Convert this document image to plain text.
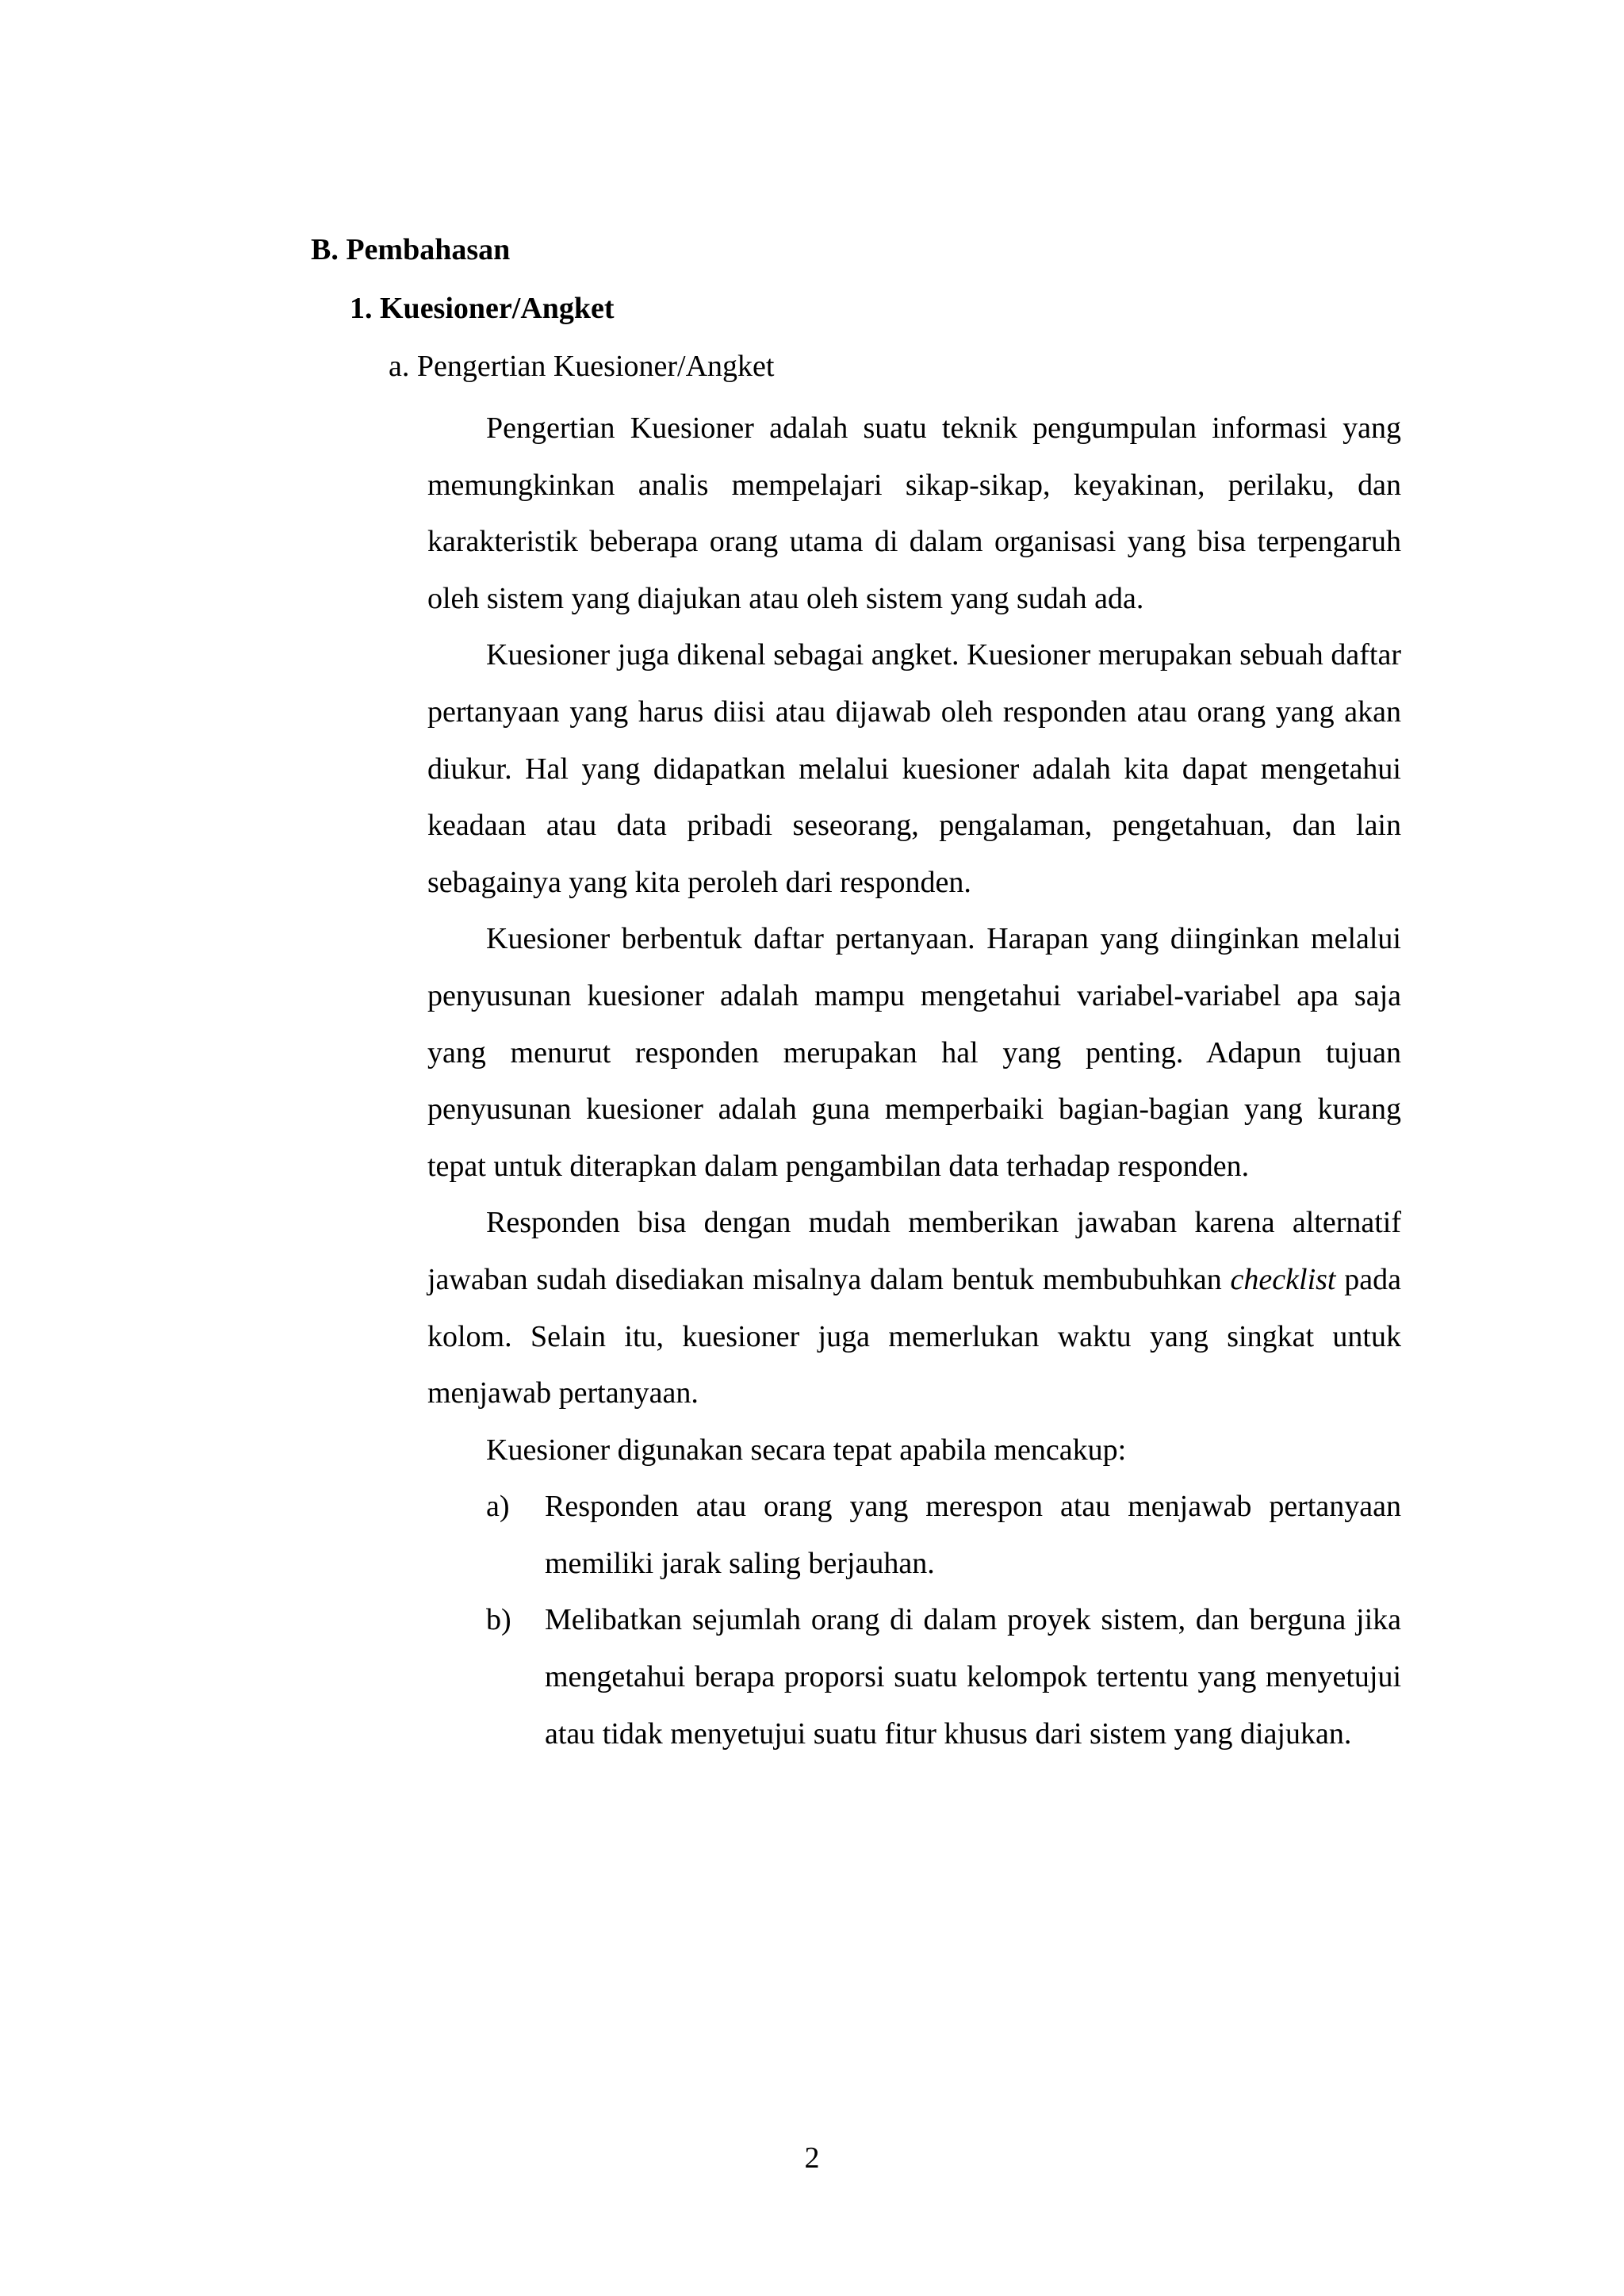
B. Pembahasan
1. Kuesioner/Angket
a. Pengertian Kuesioner/Angket

Pengertian Kuesioner adalah suatu teknik pengumpulan informasi yang memungkinkan analis mempelajari sikap-sikap, keyakinan, perilaku, dan karakteristik beberapa orang utama di dalam organisasi yang bisa terpengaruh oleh sistem yang diajukan atau oleh sistem yang sudah ada.

Kuesioner juga dikenal sebagai angket. Kuesioner merupakan sebuah daftar pertanyaan yang harus diisi atau dijawab oleh responden atau orang yang akan diukur. Hal yang didapatkan melalui kuesioner adalah kita dapat mengetahui keadaan atau data pribadi seseorang, pengalaman, pengetahuan, dan lain sebagainya yang kita peroleh dari responden.

Kuesioner berbentuk daftar pertanyaan. Harapan yang diinginkan melalui penyusunan kuesioner adalah mampu mengetahui variabel-variabel apa saja yang menurut responden merupakan hal yang penting. Adapun tujuan penyusunan kuesioner adalah guna memperbaiki bagian-bagian yang kurang tepat untuk diterapkan dalam pengambilan data terhadap responden.

Responden bisa dengan mudah memberikan jawaban karena alternatif jawaban sudah disediakan misalnya dalam bentuk membubuhkan checklist pada kolom. Selain itu, kuesioner juga memerlukan waktu yang singkat untuk menjawab pertanyaan.

Kuesioner digunakan secara tepat apabila mencakup:

a)	Responden atau orang yang merespon atau menjawab pertanyaan memiliki jarak saling berjauhan.
b)	Melibatkan sejumlah orang di dalam proyek sistem, dan berguna jika mengetahui berapa proporsi suatu kelompok tertentu yang menyetujui atau tidak menyetujui suatu fitur khusus dari sistem yang diajukan.
2
